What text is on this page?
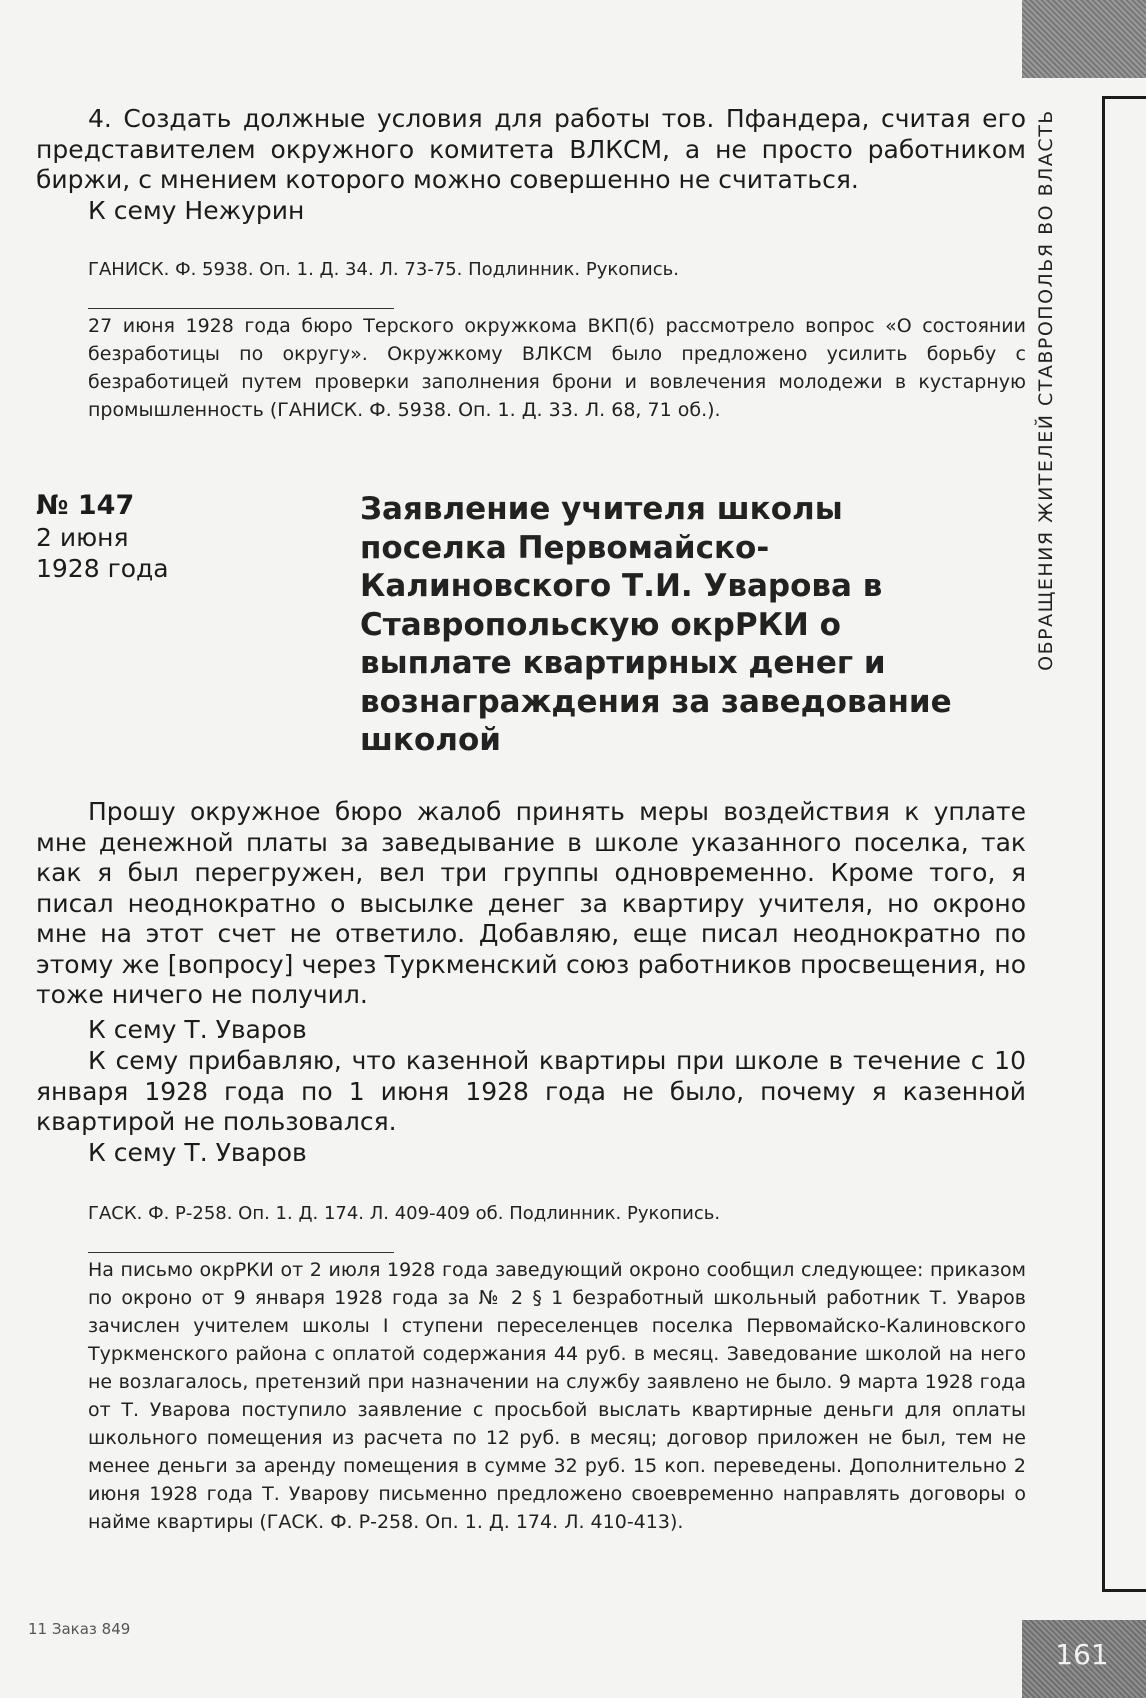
ОБРАЩЕНИЯ ЖИТЕЛЕЙ СТАВРОПОЛЬЯ ВО ВЛАСТЬ

4. Создать должные условия для работы тов. Пфандера, считая его представителем окружного комитета ВЛКСМ, а не просто работником биржи, с мнением которого можно совершенно не считаться.

К сему Нежурин

ГАНИСК. Ф. 5938. Оп. 1. Д. 34. Л. 73-75. Подлинник. Рукопись.

27 июня 1928 года бюро Терского окружкома ВКП(б) рассмотрело вопрос «О состоянии безработицы по округу». Окружкому ВЛКСМ было предложено усилить борьбу с безработицей путем проверки заполнения брони и вовлечения молодежи в кустарную промышленность (ГАНИСК. Ф. 5938. Оп. 1. Д. 33. Л. 68, 71 об.).

№ 147
2 июня
1928 года
Заявление учителя школы поселка Первомайско-Калиновского Т.И. Уварова в Ставропольскую окрРКИ о выплате квартирных денег и вознаграждения за заведование школой

Прошу окружное бюро жалоб принять меры воздействия к уплате мне денежной платы за заведывание в школе указанного поселка, так как я был перегружен, вел три группы одновременно. Кроме того, я писал неоднократно о высылке денег за квартиру учителя, но окроно мне на этот счет не ответило. Добавляю, еще писал неоднократно по этому же [вопросу] через Туркменский союз работников просвещения, но тоже ничего не получил.

К сему Т. Уваров

К сему прибавляю, что казенной квартиры при школе в течение с 10 января 1928 года по 1 июня 1928 года не было, почему я казенной квартирой не пользовался.

К сему Т. Уваров

ГАСК. Ф. Р-258. Оп. 1. Д. 174. Л. 409-409 об. Подлинник. Рукопись.

На письмо окрРКИ от 2 июля 1928 года заведующий окроно сообщил следующее: приказом по окроно от 9 января 1928 года за № 2 § 1 безработный школьный работник Т. Уваров зачислен учителем школы I ступени переселенцев поселка Первомайско-Калиновского Туркменского района с оплатой содержания 44 руб. в месяц. Заведование школой на него не возлагалось, претензий при назначении на службу заявлено не было. 9 марта 1928 года от Т. Уварова поступило заявление с просьбой выслать квартирные деньги для оплаты школьного помещения из расчета по 12 руб. в месяц; договор приложен не был, тем не менее деньги за аренду помещения в сумме 32 руб. 15 коп. переведены. Дополнительно 2 июня 1928 года Т. Уварову письменно предложено своевременно направлять договоры о найме квартиры (ГАСК. Ф. Р-258. Оп. 1. Д. 174. Л. 410-413).

11 Заказ 849
161
